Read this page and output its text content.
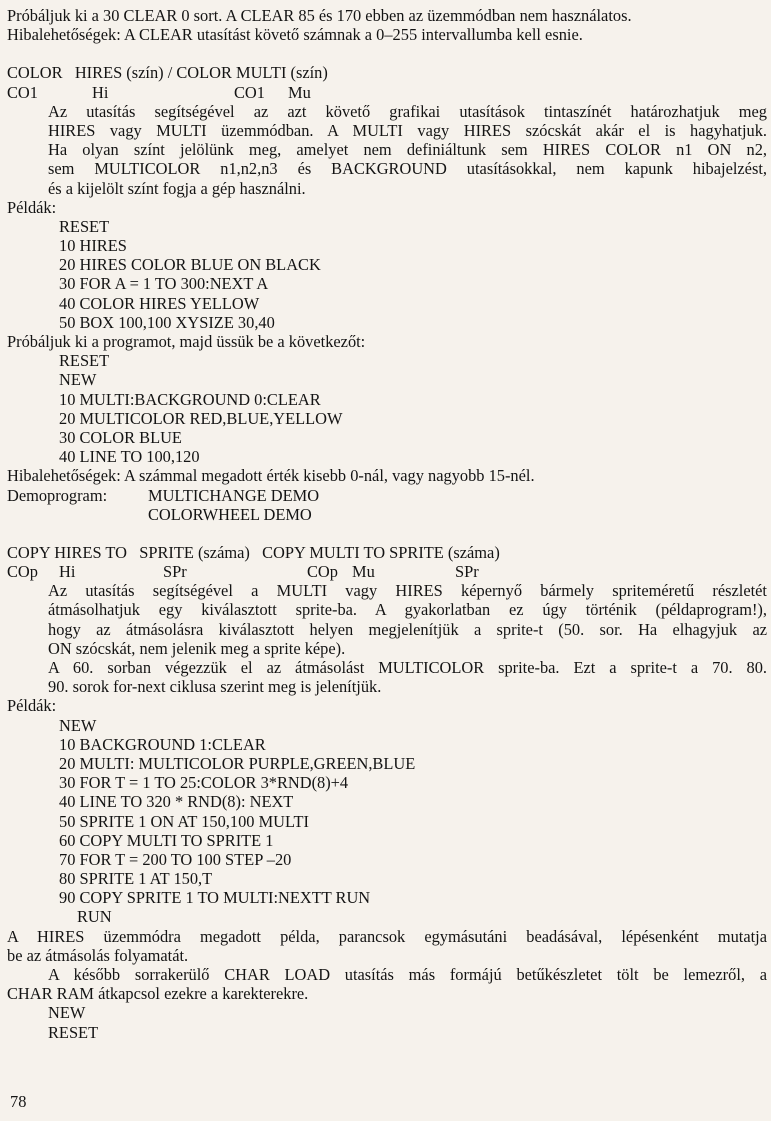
Próbáljuk ki a 30 CLEAR 0 sort. A CLEAR 85 és 170 ebben az üzemmódban nem használatos.
Hibalehetőségek: A CLEAR utasítást követő számnak a 0–255 intervallumba kell esnie.
COLOR   HIRES (szín) / COLOR MULTI (szín)
CO1	Hi	CO1 Mu
Az utasítás segítségével az azt követő grafikai utasítások tintaszínét határozhatjuk meg
HIRES vagy MULTI üzemmódban. A MULTI vagy HIRES szócskát akár el is hagyhatjuk.
Ha olyan színt jelölünk meg, amelyet nem definiáltunk sem HIRES COLOR n1 ON n2,
sem MULTICOLOR n1,n2,n3 és BACKGROUND utasításokkal, nem kapunk hibajelzést,
és a kijelölt színt fogja a gép használni.
Példák:
RESET
10 HIRES
20 HIRES COLOR BLUE ON BLACK
30 FOR A = 1 TO 300:NEXT A
40 COLOR HIRES YELLOW
50 BOX 100,100 XYSIZE 30,40
Próbáljuk ki a programot, majd üssük be a következőt:
RESET
NEW
10 MULTI:BACKGROUND 0:CLEAR
20 MULTICOLOR RED,BLUE,YELLOW
30 COLOR BLUE
40 LINE TO 100,120
Hibalehetőségek: A számmal megadott érték kisebb 0-nál, vagy nagyobb 15-nél.
Demoprogram: MULTICHANGE DEMO
COLORWHEEL DEMO
COPY HIRES TO   SPRITE (száma)   COPY MULTI TO SPRITE (száma)
COp Hi	SPr	COp Mu	SPr
Az utasítás segítségével a MULTI vagy HIRES képernyő bármely spriteméretű részletét
átmásolhatjuk egy kiválasztott sprite-ba. A gyakorlatban ez úgy történik (példaprogram!),
hogy az átmásolásra kiválasztott helyen megjelenítjük a sprite-t (50. sor. Ha elhagyjuk az
ON szócskát, nem jelenik meg a sprite képe).
A 60. sorban végezzük el az átmásolást MULTICOLOR sprite-ba. Ezt a sprite-t a 70. 80.
90. sorok for-next ciklusa szerint meg is jelenítjük.
Példák:
NEW
10 BACKGROUND 1:CLEAR
20 MULTI: MULTICOLOR PURPLE,GREEN,BLUE
30 FOR T = 1 TO 25:COLOR 3*RND(8)+4
40 LINE TO 320 * RND(8): NEXT
50 SPRITE 1 ON AT 150,100 MULTI
60 COPY MULTI TO SPRITE 1
70 FOR T = 200 TO 100 STEP –20
80 SPRITE 1 AT 150,T
90 COPY SPRITE 1 TO MULTI:NEXTT RUN
RUN
A HIRES üzemmódra megadott példa, parancsok egymásutáni beadásával, lépésenként mutatja
be az átmásolás folyamatát.
A később sorrakerülő CHAR LOAD utasítás más formájú betűkészletet tölt be lemezről, a
CHAR RAM átkapcsol ezekre a karekterekre.
NEW
RESET
78
